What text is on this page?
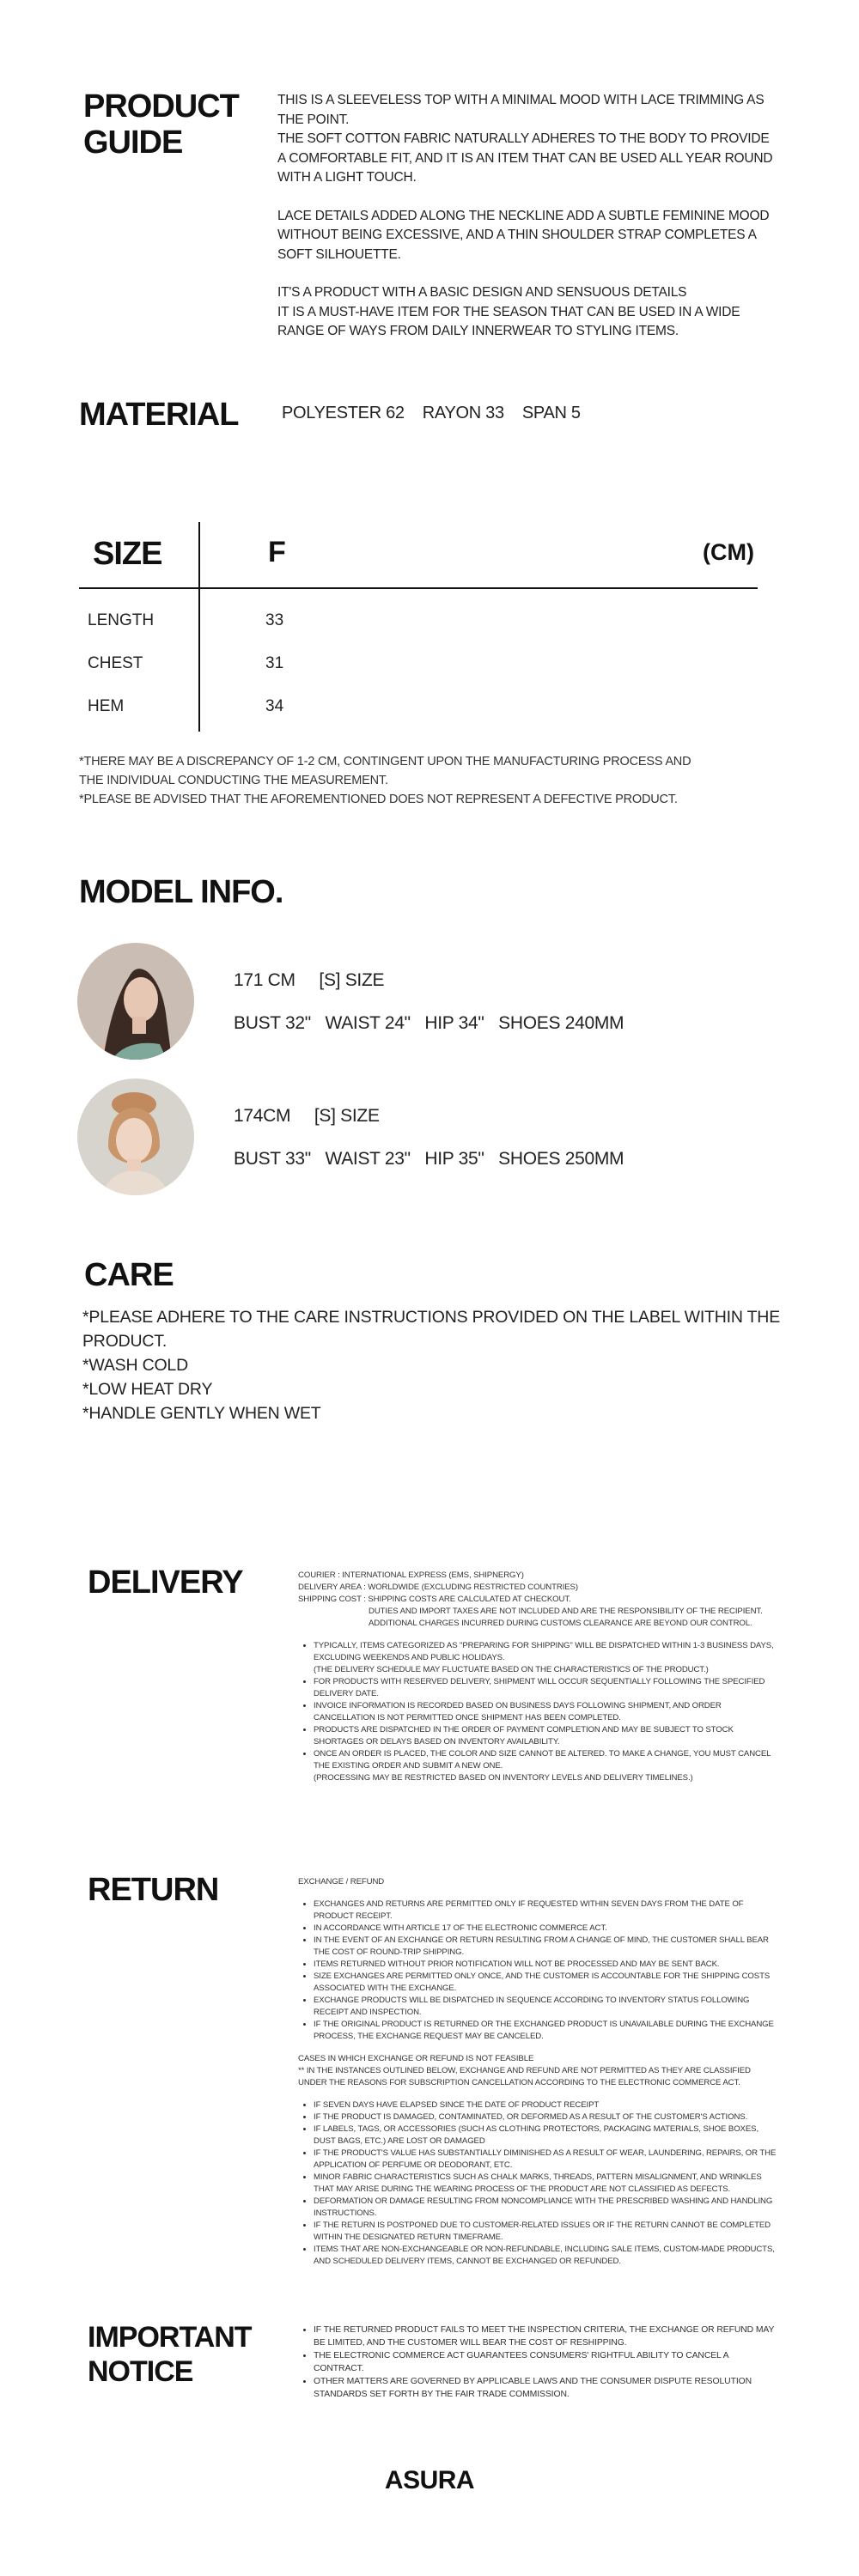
PRODUCT
GUIDE

THIS IS A SLEEVELESS TOP WITH A MINIMAL MOOD WITH LACE TRIMMING AS THE POINT.

THE SOFT COTTON FABRIC NATURALLY ADHERES TO THE BODY TO PROVIDE A COMFORTABLE FIT, AND IT IS AN ITEM THAT CAN BE USED ALL YEAR ROUND WITH A LIGHT TOUCH.

LACE DETAILS ADDED ALONG THE NECKLINE ADD A SUBTLE FEMININE MOOD WITHOUT BEING EXCESSIVE, AND A THIN SHOULDER STRAP COMPLETES A SOFT SILHOUETTE.

IT'S A PRODUCT WITH A BASIC DESIGN AND SENSUOUS DETAILS

IT IS A MUST-HAVE ITEM FOR THE SEASON THAT CAN BE USED IN A WIDE RANGE OF WAYS FROM DAILY INNERWEAR TO STYLING ITEMS.

MATERIAL	POLYESTER 62    RAYON 33    SPAN 5
SIZE	F	(CM)
LENGTH	33
CHEST	31
HEM	34
*THERE MAY BE A DISCREPANCY OF 1-2 CM, CONTINGENT UPON THE MANUFACTURING PROCESS AND THE INDIVIDUAL CONDUCTING THE MEASUREMENT.
*PLEASE BE ADVISED THAT THE AFOREMENTIONED DOES NOT REPRESENT A DEFECTIVE PRODUCT.
MODEL INFO.
171 CM     [S] SIZE
BUST 32"   WAIST 24"   HIP 34"   SHOES 240MM
174CM     [S] SIZE
BUST 33"   WAIST 23"   HIP 35"   SHOES 250MM
CARE
*PLEASE ADHERE TO THE CARE INSTRUCTIONS PROVIDED ON THE LABEL WITHIN THE PRODUCT.
*WASH COLD
*LOW HEAT DRY
*HANDLE GENTLY WHEN WET
DELIVERY	COURIER : INTERNATIONAL EXPRESS (EMS, SHIPNERGY)

DELIVERY AREA : WORLDWIDE (EXCLUDING RESTRICTED COUNTRIES)

SHIPPING COST : SHIPPING COSTS ARE CALCULATED AT CHECKOUT.

DUTIES AND IMPORT TAXES ARE NOT INCLUDED AND ARE THE RESPONSIBILITY OF THE RECIPIENT.

ADDITIONAL CHARGES INCURRED DURING CUSTOMS CLEARANCE ARE BEYOND OUR CONTROL.

• TYPICALLY, ITEMS CATEGORIZED AS "PREPARING FOR SHIPPING" WILL BE DISPATCHED WITHIN 1-3 BUSINESS DAYS, EXCLUDING WEEKENDS AND PUBLIC HOLIDAYS.
(THE DELIVERY SCHEDULE MAY FLUCTUATE BASED ON THE CHARACTERISTICS OF THE PRODUCT.)
• FOR PRODUCTS WITH RESERVED DELIVERY, SHIPMENT WILL OCCUR SEQUENTIALLY FOLLOWING THE SPECIFIED DELIVERY DATE.
• INVOICE INFORMATION IS RECORDED BASED ON BUSINESS DAYS FOLLOWING SHIPMENT, AND ORDER CANCELLATION IS NOT PERMITTED ONCE SHIPMENT HAS BEEN COMPLETED.
• PRODUCTS ARE DISPATCHED IN THE ORDER OF PAYMENT COMPLETION AND MAY BE SUBJECT TO STOCK SHORTAGES OR DELAYS BASED ON INVENTORY AVAILABILITY.
• ONCE AN ORDER IS PLACED, THE COLOR AND SIZE CANNOT BE ALTERED. TO MAKE A CHANGE, YOU MUST CANCEL THE EXISTING ORDER AND SUBMIT A NEW ONE.
(PROCESSING MAY BE RESTRICTED BASED ON INVENTORY LEVELS AND DELIVERY TIMELINES.)
RETURN	EXCHANGE / REFUND

• EXCHANGES AND RETURNS ARE PERMITTED ONLY IF REQUESTED WITHIN SEVEN DAYS FROM THE DATE OF PRODUCT RECEIPT.
• IN ACCORDANCE WITH ARTICLE 17 OF THE ELECTRONIC COMMERCE ACT.
• IN THE EVENT OF AN EXCHANGE OR RETURN RESULTING FROM A CHANGE OF MIND, THE CUSTOMER SHALL BEAR THE COST OF ROUND-TRIP SHIPPING.
• ITEMS RETURNED WITHOUT PRIOR NOTIFICATION WILL NOT BE PROCESSED AND MAY BE SENT BACK.
• SIZE EXCHANGES ARE PERMITTED ONLY ONCE, AND THE CUSTOMER IS ACCOUNTABLE FOR THE SHIPPING COSTS ASSOCIATED WITH THE EXCHANGE.
• EXCHANGE PRODUCTS WILL BE DISPATCHED IN SEQUENCE ACCORDING TO INVENTORY STATUS FOLLOWING RECEIPT AND INSPECTION.
• IF THE ORIGINAL PRODUCT IS RETURNED OR THE EXCHANGED PRODUCT IS UNAVAILABLE DURING THE EXCHANGE PROCESS, THE EXCHANGE REQUEST MAY BE CANCELED.

CASES IN WHICH EXCHANGE OR REFUND IS NOT FEASIBLE

** IN THE INSTANCES OUTLINED BELOW, EXCHANGE AND REFUND ARE NOT PERMITTED AS THEY ARE CLASSIFIED UNDER THE REASONS FOR SUBSCRIPTION CANCELLATION ACCORDING TO THE ELECTRONIC COMMERCE ACT.

• IF SEVEN DAYS HAVE ELAPSED SINCE THE DATE OF PRODUCT RECEIPT
• IF THE PRODUCT IS DAMAGED, CONTAMINATED, OR DEFORMED AS A RESULT OF THE CUSTOMER'S ACTIONS.
• IF LABELS, TAGS, OR ACCESSORIES (SUCH AS CLOTHING PROTECTORS, PACKAGING MATERIALS, SHOE BOXES, DUST BAGS, ETC.) ARE LOST OR DAMAGED
• IF THE PRODUCT'S VALUE HAS SUBSTANTIALLY DIMINISHED AS A RESULT OF WEAR, LAUNDERING, REPAIRS, OR THE APPLICATION OF PERFUME OR DEODORANT, ETC.
• MINOR FABRIC CHARACTERISTICS SUCH AS CHALK MARKS, THREADS, PATTERN MISALIGNMENT, AND WRINKLES THAT MAY ARISE DURING THE WEARING PROCESS OF THE PRODUCT ARE NOT CLASSIFIED AS DEFECTS.
• DEFORMATION OR DAMAGE RESULTING FROM NONCOMPLIANCE WITH THE PRESCRIBED WASHING AND HANDLING INSTRUCTIONS.
• IF THE RETURN IS POSTPONED DUE TO CUSTOMER-RELATED ISSUES OR IF THE RETURN CANNOT BE COMPLETED WITHIN THE DESIGNATED RETURN TIMEFRAME.
• ITEMS THAT ARE NON-EXCHANGEABLE OR NON-REFUNDABLE, INCLUDING SALE ITEMS, CUSTOM-MADE PRODUCTS, AND SCHEDULED DELIVERY ITEMS, CANNOT BE EXCHANGED OR REFUNDED.
IMPORTANT
NOTICE
• IF THE RETURNED PRODUCT FAILS TO MEET THE INSPECTION CRITERIA, THE EXCHANGE OR REFUND MAY BE LIMITED, AND THE CUSTOMER WILL BEAR THE COST OF RESHIPPING.
• THE ELECTRONIC COMMERCE ACT GUARANTEES CONSUMERS' RIGHTFUL ABILITY TO CANCEL A CONTRACT.
• OTHER MATTERS ARE GOVERNED BY APPLICABLE LAWS AND THE CONSUMER DISPUTE RESOLUTION STANDARDS SET FORTH BY THE FAIR TRADE COMMISSION.
ASURA
